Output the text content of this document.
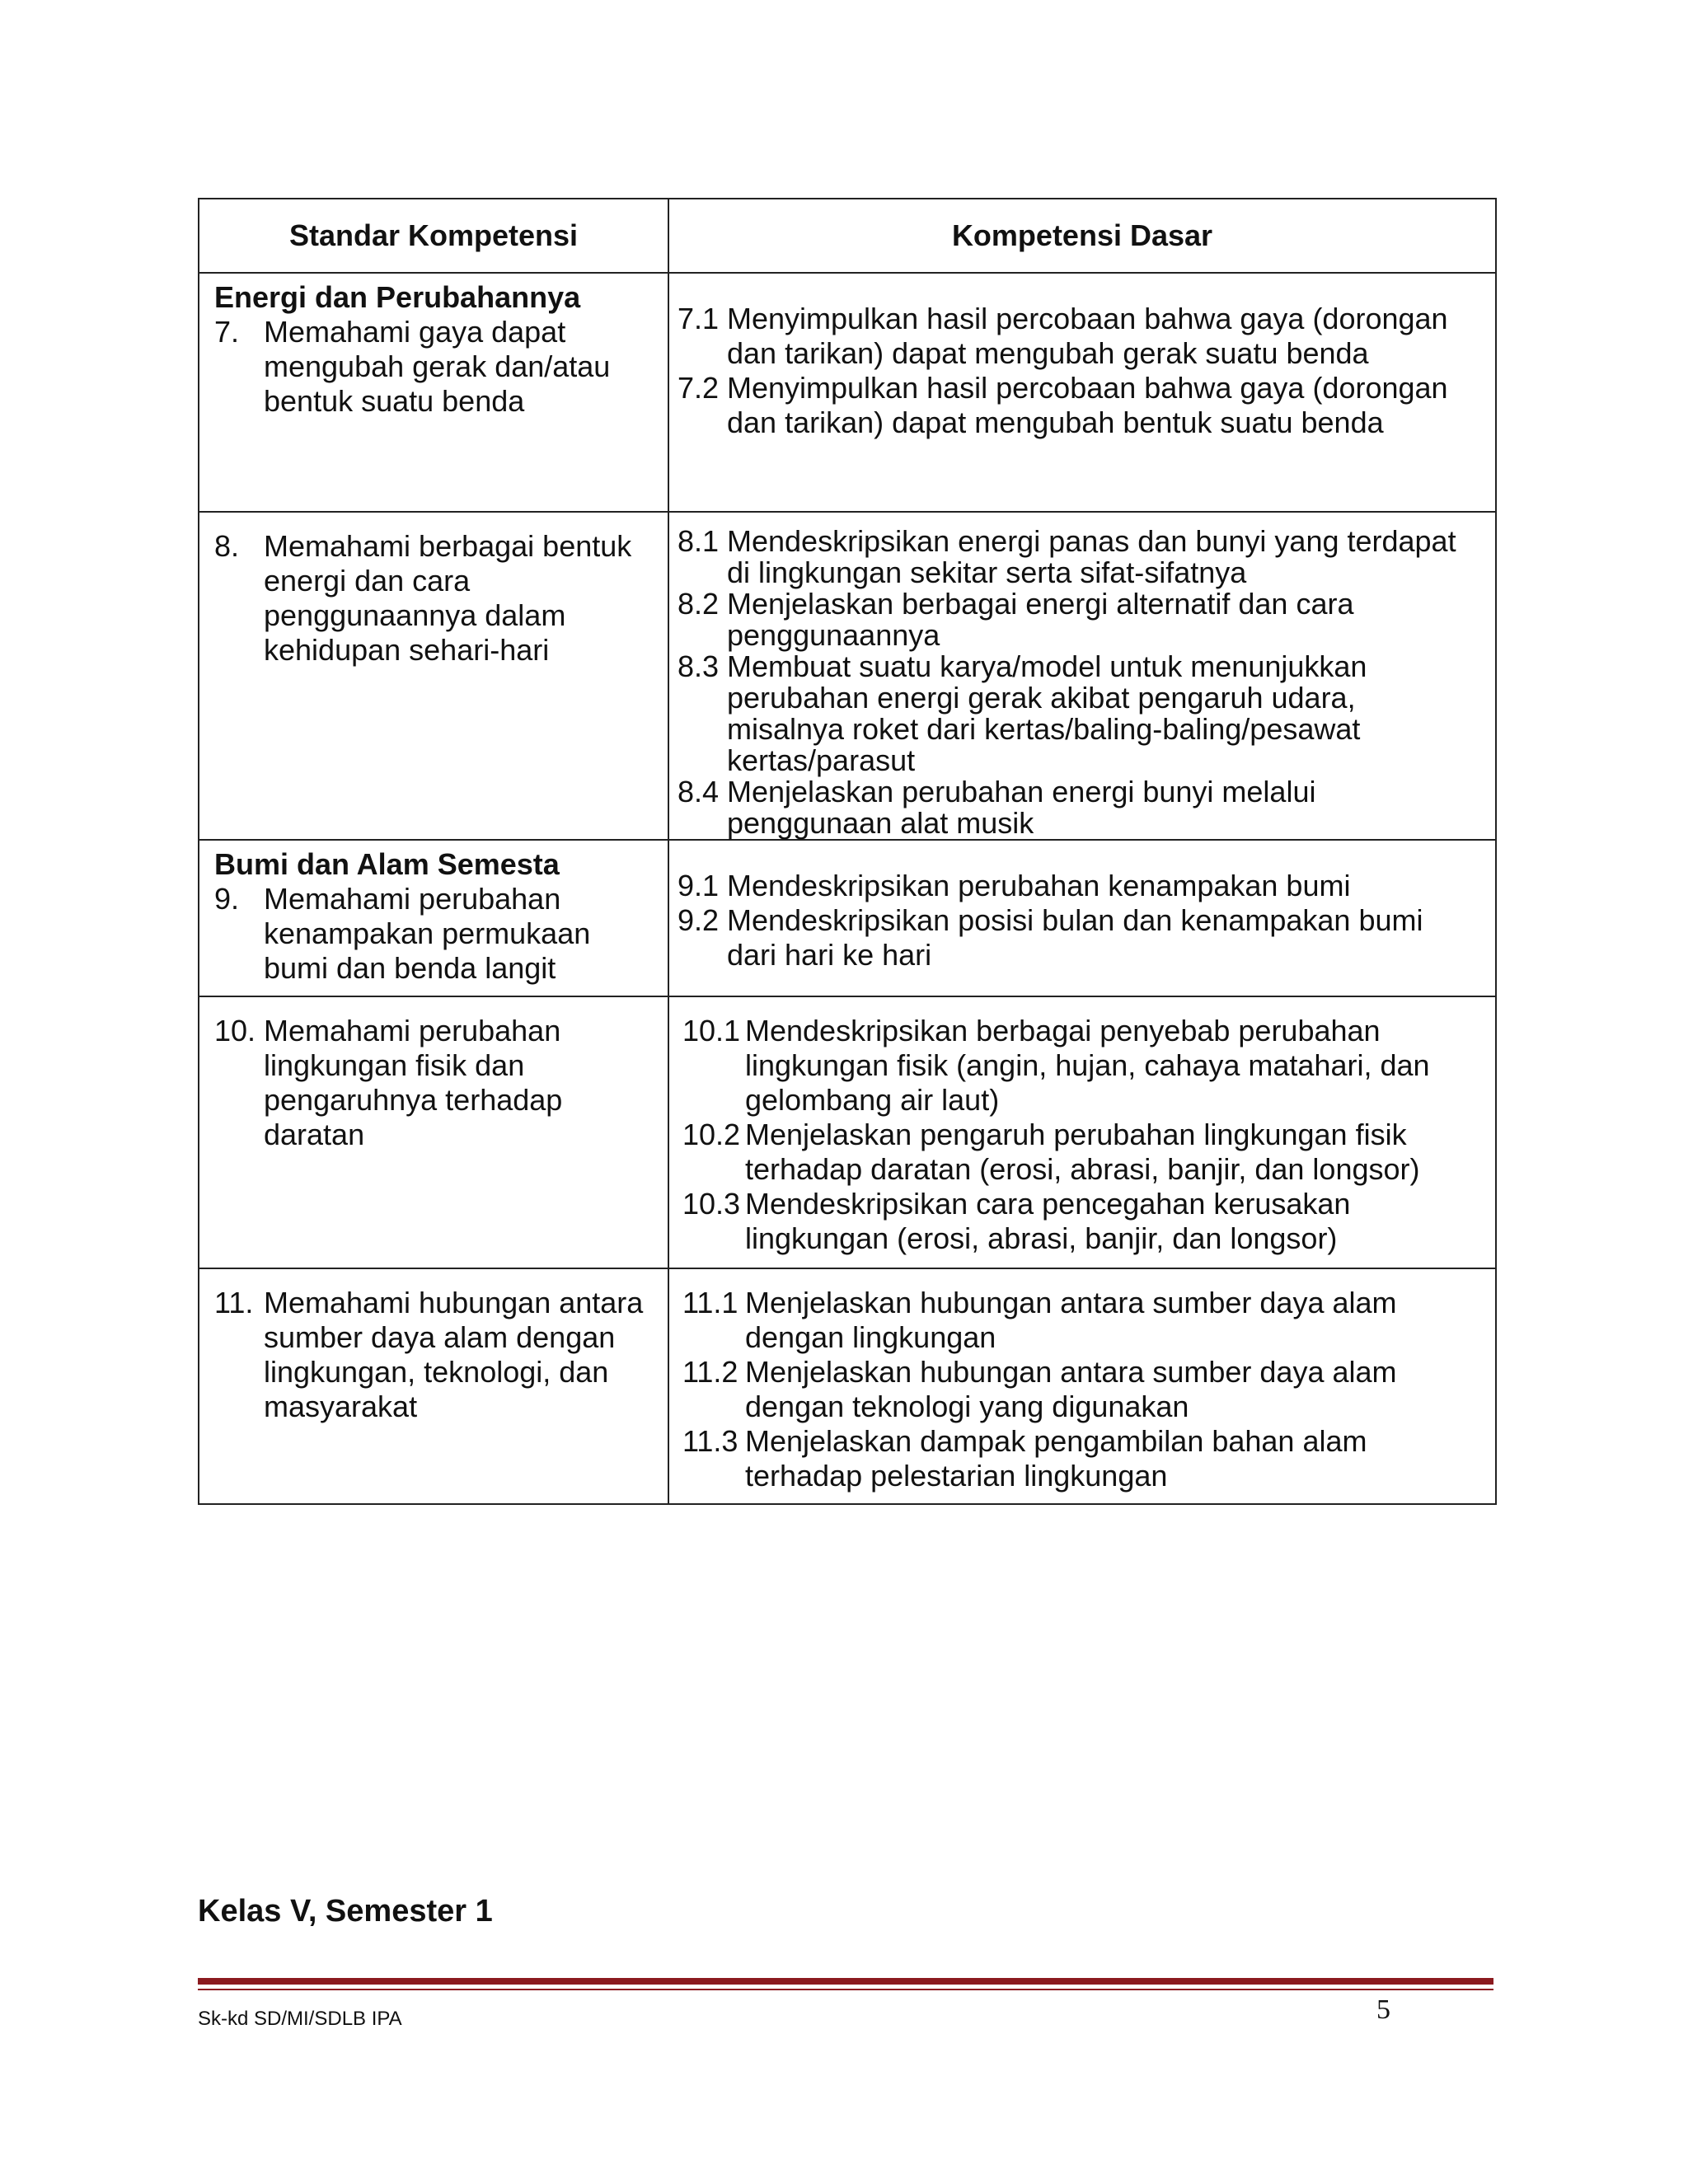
Standar Kompetensi	Kompetensi Dasar
Energi dan Perubahannya
7. Memahami gaya dapat mengubah gerak dan/atau bentuk suatu benda
7.1 Menyimpulkan hasil percobaan bahwa gaya (dorongan dan tarikan) dapat mengubah gerak suatu benda
7.2 Menyimpulkan hasil percobaan bahwa gaya (dorongan dan tarikan) dapat mengubah bentuk suatu benda
8. Memahami berbagai bentuk energi dan cara penggunaannya dalam kehidupan sehari-hari
8.1 Mendeskripsikan energi panas dan bunyi yang terdapat di lingkungan sekitar serta sifat-sifatnya
8.2 Menjelaskan berbagai energi alternatif dan cara penggunaannya
8.3 Membuat suatu karya/model untuk menunjukkan perubahan energi gerak akibat pengaruh udara, misalnya roket dari kertas/baling-baling/pesawat kertas/parasut
8.4 Menjelaskan perubahan energi bunyi melalui penggunaan alat musik
Bumi dan Alam Semesta
9. Memahami perubahan kenampakan permukaan bumi dan benda langit
9.1 Mendeskripsikan perubahan kenampakan bumi
9.2 Mendeskripsikan posisi bulan dan kenampakan bumi dari hari ke hari
10. Memahami perubahan lingkungan fisik dan pengaruhnya terhadap daratan
10.1 Mendeskripsikan berbagai penyebab perubahan lingkungan fisik (angin, hujan, cahaya matahari, dan gelombang air laut)
10.2 Menjelaskan pengaruh perubahan lingkungan fisik terhadap daratan (erosi, abrasi, banjir, dan longsor)
10.3 Mendeskripsikan cara pencegahan kerusakan lingkungan (erosi, abrasi, banjir, dan longsor)
11. Memahami hubungan antara sumber daya alam dengan lingkungan, teknologi, dan masyarakat
11.1 Menjelaskan hubungan antara sumber daya alam dengan lingkungan
11.2 Menjelaskan hubungan antara sumber daya alam dengan teknologi yang digunakan
11.3 Menjelaskan dampak pengambilan bahan alam terhadap pelestarian lingkungan
Kelas V, Semester 1
Sk-kd SD/MI/SDLB IPA	5
